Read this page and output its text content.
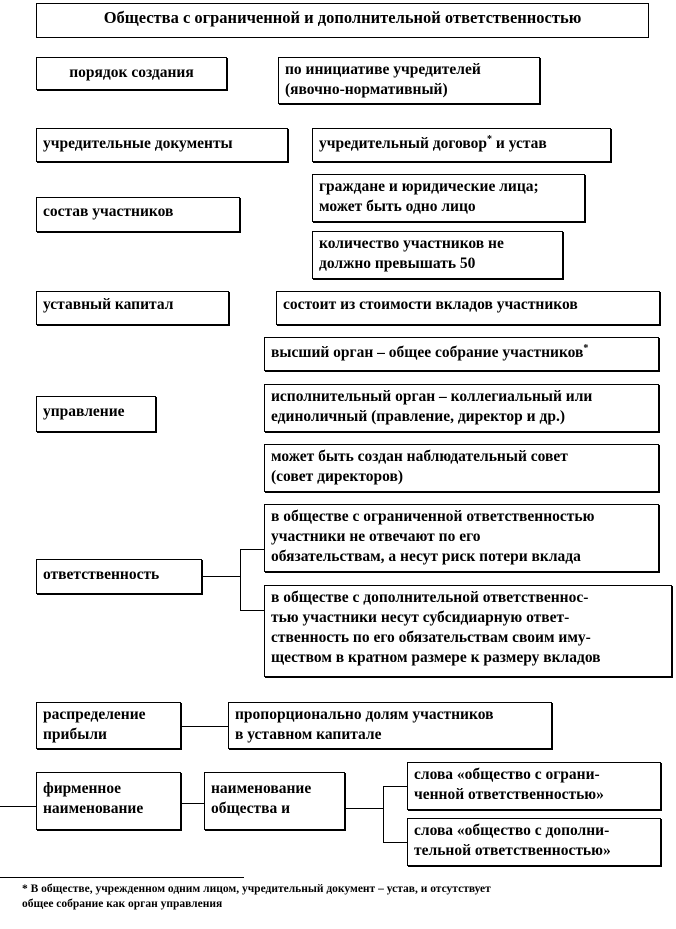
Общества с ограниченной и дополнительной ответственностью
порядок создания	по инициативе учредителей
(явочно-нормативный)
учредительные документы	учредительный договор* и устав
состав участников
граждане и юридические лица;
может быть одно лицо
количество участников не
должно превышать 50
уставный капитал	состоит из стоимости вкладов участников
высший орган – общее собрание участников*
управление
исполнительный орган – коллегиальный или
единоличный (правление, директор и др.)
может быть создан наблюдательный совет
(совет директоров)
в обществе с ограниченной ответственностью
участники не отвечают по его
обязательствам, а несут риск потери вклада
ответственность
в обществе с дополнительной ответственнос-
тью участники несут субсидиарную ответ-
ственность по его обязательствам своим иму-
ществом в кратном размере к размеру вкладов
распределение
прибыли
пропорционально долям участников
в уставном капитале
фирменное
наименование
наименование
общества и
слова «общество с ограни-
ченной ответственностью»
слова «общество с дополни-
тельной ответственностью»
* В обществе, учрежденном одним лицом, учредительный документ – устав, и отсутствует
общее собрание как орган управления
